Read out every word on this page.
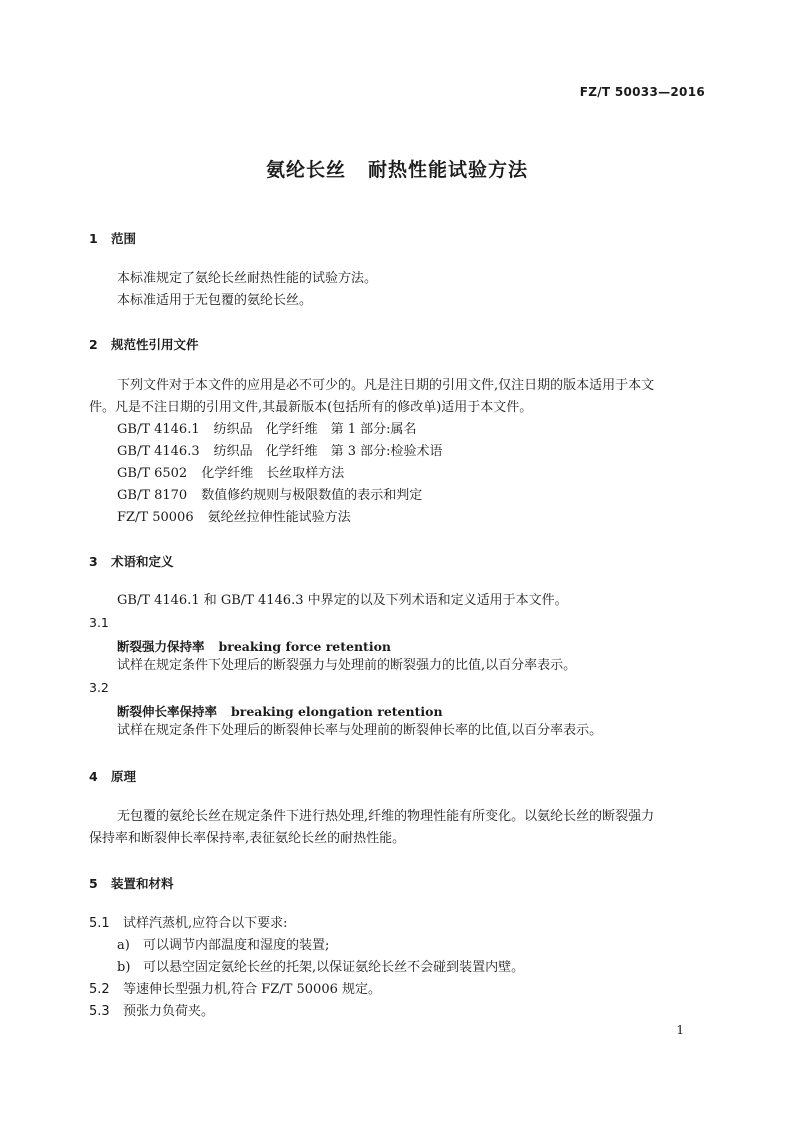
FZ/T 50033—2016
氨纶长丝 耐热性能试验方法
1 范围
本标准规定了氨纶长丝耐热性能的试验方法。
本标准适用于无包覆的氨纶长丝。
2 规范性引用文件
下列文件对于本文件的应用是必不可少的。凡是注日期的引用文件,仅注日期的版本适用于本文
件。凡是不注日期的引用文件,其最新版本(包括所有的修改单)适用于本文件。
GB/T 4146.1 纺织品　化学纤维　第 1 部分:属名
GB/T 4146.3 纺织品　化学纤维　第 3 部分:检验术语
GB/T 6502 化学纤维　长丝取样方法
GB/T 8170 数值修约规则与极限数值的表示和判定
FZ/T 50006 氨纶丝拉伸性能试验方法
3 术语和定义
GB/T 4146.1 和 GB/T 4146.3 中界定的以及下列术语和定义适用于本文件。
3.1
断裂强力保持率 breaking force retention
试样在规定条件下处理后的断裂强力与处理前的断裂强力的比值,以百分率表示。
3.2
断裂伸长率保持率 breaking elongation retention
试样在规定条件下处理后的断裂伸长率与处理前的断裂伸长率的比值,以百分率表示。
4 原理
无包覆的氨纶长丝在规定条件下进行热处理,纤维的物理性能有所变化。以氨纶长丝的断裂强力
保持率和断裂伸长率保持率,表征氨纶长丝的耐热性能。
5 装置和材料
5.1 试样汽蒸机,应符合以下要求:
a) 可以调节内部温度和湿度的装置;
b) 可以悬空固定氨纶长丝的托架,以保证氨纶长丝不会碰到装置内壁。
5.2 等速伸长型强力机,符合 FZ/T 50006 规定。
5.3 预张力负荷夹。
1
